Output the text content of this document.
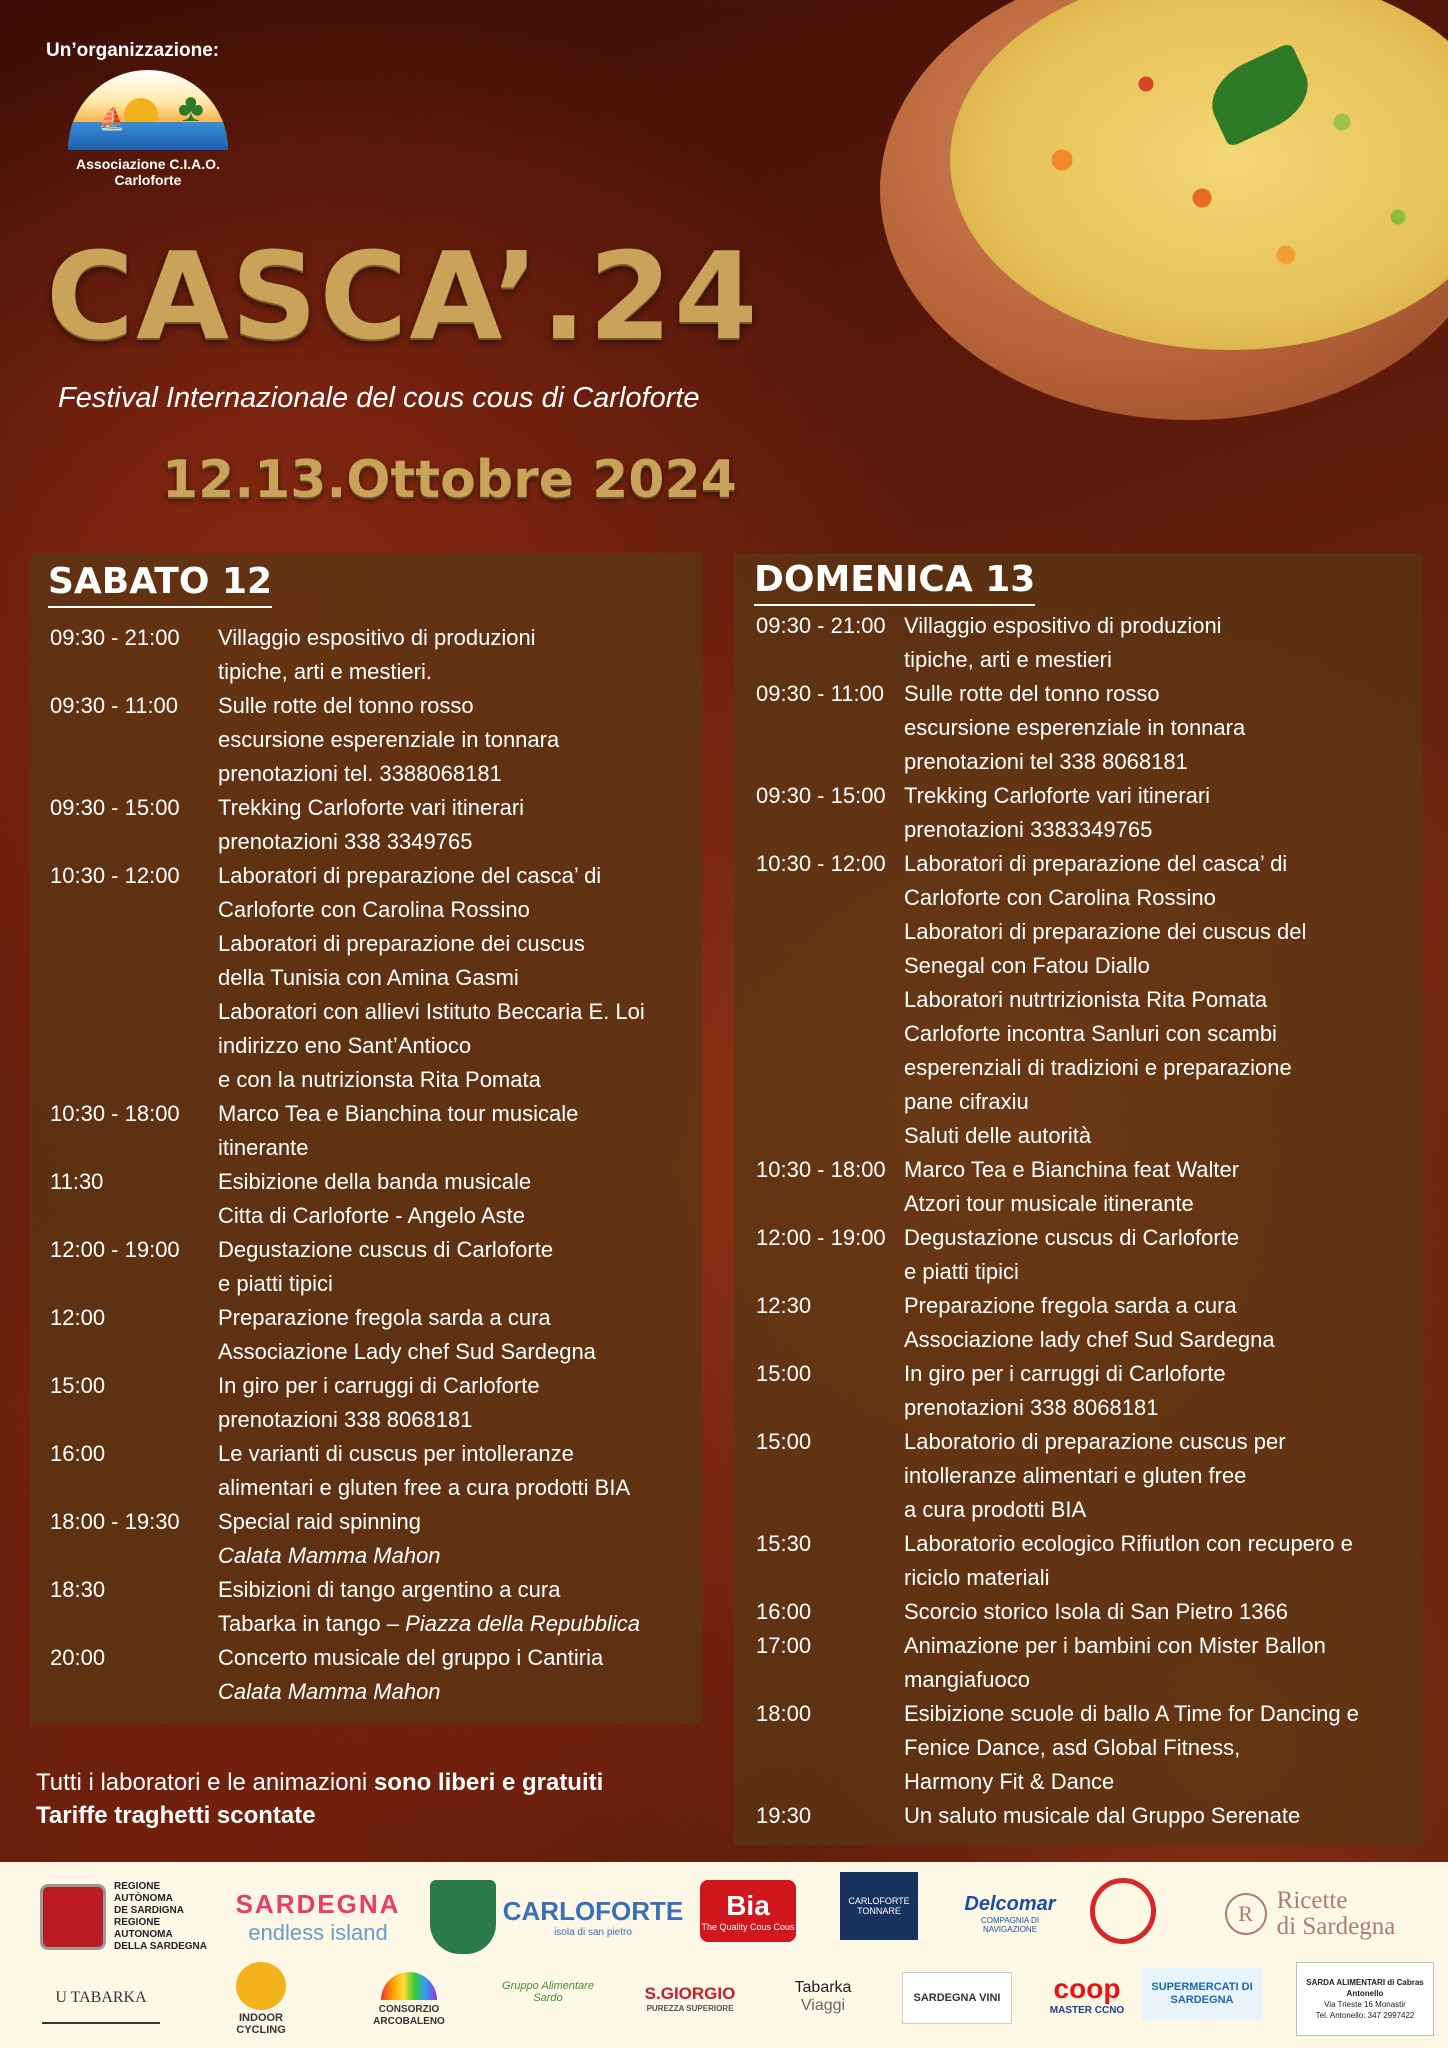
Un’organizzazione:
⛵ ♣
Associazione C.I.A.O.
Carloforte
CASCA’.24
Festival Internazionale del cous cous di Carloforte
12.13.Ottobre 2024
SABATO 12
09:30 - 21:00	Villaggio espositivo di produzioni
tipiche, arti e mestieri.
09:30 - 11:00	Sulle rotte del tonno rosso
escursione esperenziale in tonnara
prenotazioni tel. 3388068181
09:30 - 15:00	Trekking Carloforte vari itinerari
prenotazioni 338 3349765
10:30 - 12:00	Laboratori di preparazione del casca’ di
Carloforte con Carolina Rossino
Laboratori di preparazione dei cuscus
della Tunisia con Amina Gasmi
Laboratori con allievi Istituto Beccaria E. Loi
indirizzo eno Sant’Antioco
e con la nutrizionsta Rita Pomata
10:30 - 18:00	Marco Tea e Bianchina tour musicale
itinerante
11:30	Esibizione della banda musicale
Citta di Carloforte - Angelo Aste
12:00 - 19:00	Degustazione cuscus di Carloforte
e piatti tipici
12:00	Preparazione fregola sarda a cura
Associazione Lady chef Sud Sardegna
15:00	In giro per i carruggi di Carloforte
prenotazioni 338 8068181
16:00	Le varianti di cuscus per intolleranze
alimentari e gluten free a cura prodotti BIA
18:00 - 19:30	Special raid spinning
Calata Mamma Mahon
18:30	Esibizioni di tango argentino a cura
Tabarka in tango – Piazza della Repubblica
20:00	Concerto musicale del gruppo i Cantiria
Calata Mamma Mahon
DOMENICA 13
09:30 - 21:00 Villaggio espositivo di produzioni
tipiche, arti e mestieri
09:30 - 11:00 Sulle rotte del tonno rosso
escursione esperenziale in tonnara
prenotazioni tel 338 8068181
09:30 - 15:00 Trekking Carloforte vari itinerari
prenotazioni 3383349765
10:30 - 12:00 Laboratori di preparazione del casca’ di
Carloforte con Carolina Rossino
Laboratori di preparazione dei cuscus del
Senegal con Fatou Diallo
Laboratori nutrtrizionista Rita Pomata
Carloforte incontra Sanluri con scambi
esperenziali di tradizioni e preparazione
pane cifraxiu
Saluti delle autorità
10:30 - 18:00 Marco Tea e Bianchina feat Walter
Atzori tour musicale itinerante
12:00 - 19:00 Degustazione cuscus di Carloforte
e piatti tipici
12:30	Preparazione fregola sarda a cura
Associazione lady chef Sud Sardegna
15:00	In giro per i carruggi di Carloforte
prenotazioni 338 8068181
15:00	Laboratorio di preparazione cuscus per
intolleranze alimentari e gluten free
a cura prodotti BIA
15:30	Laboratorio ecologico Rifiutlon con recupero e
riciclo materiali
16:00	Scorcio storico Isola di San Pietro 1366
17:00	Animazione per i bambini con Mister Ballon
mangiafuoco
18:00	Esibizione scuole di ballo A Time for Dancing e
Fenice Dance, asd Global Fitness,
Harmony Fit & Dance
19:30	Un saluto musicale dal Gruppo Serenate
Tutti i laboratori e le animazioni sono liberi e gratuiti
Tariffe traghetti scontate
REGIONE AUTÒNOMA
DE SARDIGNA
REGIONE AUTONOMA
DELLA SARDEGNA
SARDEGNA
endless island
CARLOFORTE
isola di san pietro
Bia
The Quality Cous Cous
CARLOFORTE TONNARE	Delcomar
COMPAGNIA DI NAVIGAZIONE
R Ricette
di Sardegna
U TABARKA
INDOOR CYCLING
CONSORZIO
ARCOBALENO
Gruppo Alimentare Sardo	S.GIORGIO
PUREZZA SUPERIORE
Tabarka
Viaggi	SARDEGNA VINI	coop
MASTER CCNO
SUPERMERCATI DI SARDEGNA
SARDA ALIMENTARI di Cabras Antonello
Via Trieste 16 Monastir
Tel. Antonello: 347 2997422
